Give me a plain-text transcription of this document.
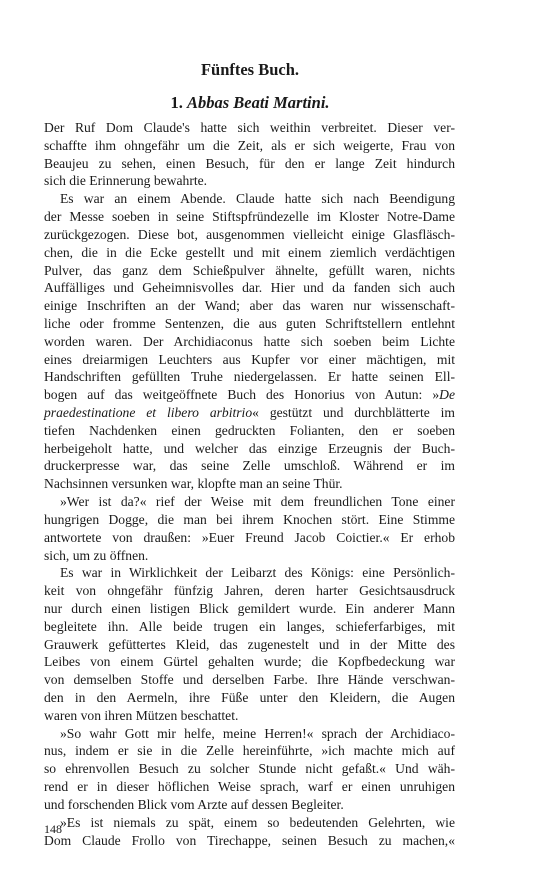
Fünftes Buch.
1. Abbas Beati Martini.
Der Ruf Dom Claude's hatte sich weithin verbreitet. Dieser ver-
schaffte ihm ohngefähr um die Zeit, als er sich weigerte, Frau von
Beaujeu zu sehen, einen Besuch, für den er lange Zeit hindurch
sich die Erinnerung bewahrte.
Es war an einem Abende. Claude hatte sich nach Beendigung
der Messe soeben in seine Stiftspfründezelle im Kloster Notre-Dame
zurückgezogen. Diese bot, ausgenommen vielleicht einige Glasfläsch-
chen, die in die Ecke gestellt und mit einem ziemlich verdächtigen
Pulver, das ganz dem Schießpulver ähnelte, gefüllt waren, nichts
Auffälliges und Geheimnisvolles dar. Hier und da fanden sich auch
einige Inschriften an der Wand; aber das waren nur wissenschaft-
liche oder fromme Sentenzen, die aus guten Schriftstellern entlehnt
worden waren. Der Archidiaconus hatte sich soeben beim Lichte
eines dreiarmigen Leuchters aus Kupfer vor einer mächtigen, mit
Handschriften gefüllten Truhe niedergelassen. Er hatte seinen Ell-
bogen auf das weitgeöffnete Buch des Honorius von Autun: »De
praedestinatione et libero arbitrio« gestützt und durchblätterte im
tiefen Nachdenken einen gedruckten Folianten, den er soeben
herbeigeholt hatte, und welcher das einzige Erzeugnis der Buch-
druckerpresse war, das seine Zelle umschloß. Während er im
Nachsinnen versunken war, klopfte man an seine Thür.
»Wer ist da?« rief der Weise mit dem freundlichen Tone einer
hungrigen Dogge, die man bei ihrem Knochen stört. Eine Stimme
antwortete von draußen: »Euer Freund Jacob Coictier.« Er erhob
sich, um zu öffnen.
Es war in Wirklichkeit der Leibarzt des Königs: eine Persönlich-
keit von ohngefähr fünfzig Jahren, deren harter Gesichtsausdruck
nur durch einen listigen Blick gemildert wurde. Ein anderer Mann
begleitete ihn. Alle beide trugen ein langes, schieferfarbiges, mit
Grauwerk gefüttertes Kleid, das zugenestelt und in der Mitte des
Leibes von einem Gürtel gehalten wurde; die Kopfbedeckung war
von demselben Stoffe und derselben Farbe. Ihre Hände verschwan-
den in den Aermeln, ihre Füße unter den Kleidern, die Augen
waren von ihren Mützen beschattet.
»So wahr Gott mir helfe, meine Herren!« sprach der Archidiaco-
nus, indem er sie in die Zelle hereinführte, »ich machte mich auf
so ehrenvollen Besuch zu solcher Stunde nicht gefaßt.« Und wäh-
rend er in dieser höflichen Weise sprach, warf er einen unruhigen
und forschenden Blick vom Arzte auf dessen Begleiter.
»Es ist niemals zu spät, einem so bedeutenden Gelehrten, wie
Dom Claude Frollo von Tirechappe, seinen Besuch zu machen,«
148
